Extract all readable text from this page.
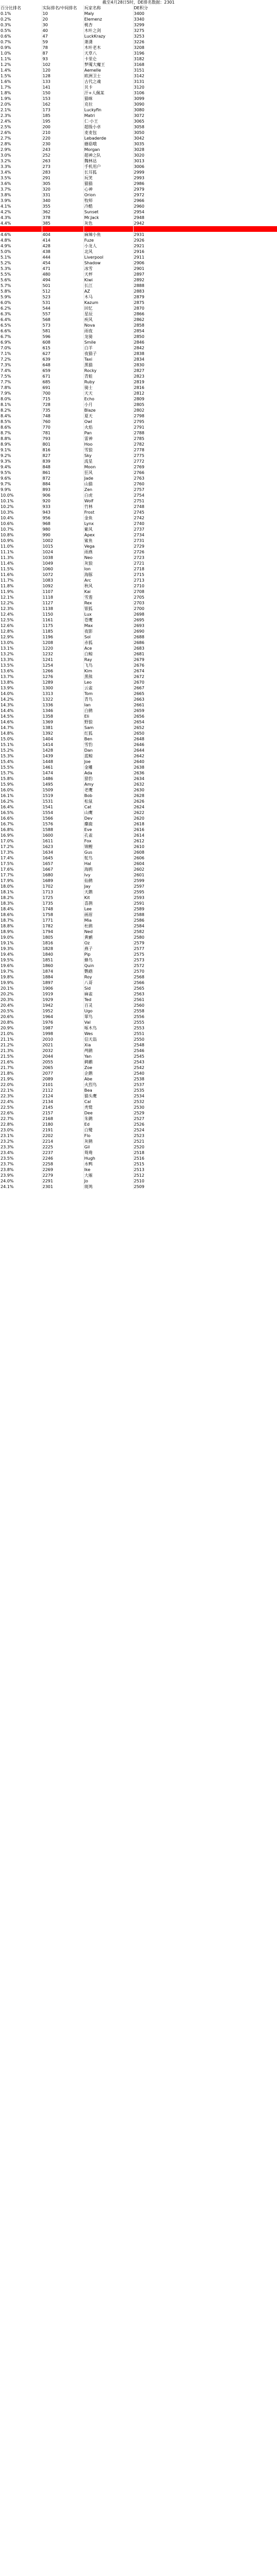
截至4月28日5时，DE排名数据：2301
百分比排名	实际排名/中间排名	玩家名称	DE积分
0.1%	10	Maly	3400
0.2%	20	Elemenz	3340
0.3%	30	桃杏	3299
0.5%	40	木叶之剑	3275
0.6%	47	LuckKrazy	3253
0.7%	59	萧潇	3226
0.9%	78	木叶老木	3208
1.0%	87	天草八	3196
1.1%	93	卡里仑	3182
1.2%	102	梦魇大魔王	3168
1.4%	120	Aemelle	3151
1.5%	128	欧洲卫士	3142
1.6%	133	古代之魂	3131
1.7%	141	贝卡	3120
1.8%	150	汗+人佩某	3106
1.9%	153	猫咪	3099
2.0%	162	克拉	3090
2.1%	173	Luckyfin	3080
2.3%	185	Matri	3072
2.4%	195	仁·小王	3065
2.5%	200	超级小卓	3058
2.6%	210	麦麦包	3050
2.7%	220	Lebaderde	3042
2.8%	230	蘑菇哦	3035
2.9%	243	Morgan	3028
3.0%	252	超神之队	3020
3.2%	263	魏林达	3013
3.3%	273	手机用户	3006
3.4%	283	长耳狐	2999
3.5%	291	玩笑	2993
3.6%	305	猫猫	2986
3.7%	320	心神	2979
3.8%	331	Orion	2972
3.9%	340	牧师	2966
4.1%	355	冷酷	2960
4.2%	362	Sunset	2954
4.3%	378	Mr.Jack	2948
4.4%	385	灰色	2942
4.5%	395	ERR	2937
4.6%	404	麻辣小鱼	2931
4.8%	414	Fuze	2926
4.9%	428	小龙人	2921
5.0%	438	北风	2916
5.1%	444	Liverpool	2911
5.2%	454	Shadow	2906
5.3%	471	冰雪	2901
5.5%	480	天枰	2897
5.6%	494	Kiwi	2892
5.7%	501	长江	2888
5.8%	512	AZ	2883
5.9%	523	木马	2879
6.0%	531	Kazum	2875
6.2%	544	回忆	2870
6.3%	557	星辰	2866
6.4%	568	疾风	2862
6.5%	573	Nova	2858
6.6%	581	雨夜	2854
6.7%	596	龙骑	2850
6.9%	608	Smile	2846
7.0%	615	白羊	2842
7.1%	627	夜猫子	2838
7.2%	639	Taxi	2834
7.3%	648	黑猫	2830
7.4%	659	Rocky	2827
7.5%	671	青蛙	2823
7.7%	685	Ruby	2819
7.8%	691	骑士	2816
7.9%	700	天天	2812
8.0%	715	Echo	2809
8.1%	728	小月	2805
8.2%	735	Blaze	2802
8.4%	748	夏天	2798
8.5%	760	Owl	2795
8.6%	770	火焰	2791
8.7%	781	Pan	2788
8.8%	793	雷神	2785
8.9%	801	Hoo	2782
9.1%	816	雪狼	2778
9.2%	827	Sky	2775
9.3%	839	流星	2772
9.4%	848	Moon	2769
9.5%	861	狂风	2766
9.6%	872	Jade	2763
9.7%	884	山猫	2760
9.9%	893	Zen	2757
10.0%	906	白虎	2754
10.1%	920	Wolf	2751
10.2%	933	竹林	2748
10.3%	943	Frost	2745
10.4%	956	金鱼	2742
10.6%	968	Lynx	2740
10.7%	980	紫风	2737
10.8%	990	Apex	2734
10.9%	1002	鲨鱼	2731
11.0%	1015	Vega	2729
11.1%	1024	雨燕	2726
11.3%	1038	Neo	2723
11.4%	1049	灰狼	2721
11.5%	1060	Ion	2718
11.6%	1072	海豚	2715
11.7%	1083	Arc	2713
11.8%	1092	秋风	2710
11.9%	1107	Kai	2708
12.1%	1118	雪莲	2705
12.2%	1127	Rex	2703
12.3%	1138	银狐	2700
12.4%	1150	Lux	2698
12.5%	1161	苍鹰	2695
12.6%	1175	Max	2693
12.8%	1185	夜影	2690
12.9%	1196	Sol	2688
13.0%	1208	赤狐	2686
13.1%	1220	Ace	2683
13.2%	1232	白鲸	2681
13.3%	1241	Ray	2679
13.5%	1254	飞鸟	2676
13.6%	1266	Kim	2674
13.7%	1276	黑熊	2672
13.8%	1289	Leo	2670
13.9%	1300	云雀	2667
14.0%	1313	Tom	2665
14.2%	1322	青鸟	2663
14.3%	1336	Ian	2661
14.4%	1346	白鹤	2659
14.5%	1358	Eli	2656
14.6%	1369	野狼	2654
14.7%	1381	Sam	2652
14.8%	1392	红狐	2650
15.0%	1404	Ben	2648
15.1%	1414	雪豹	2646
15.2%	1428	Dan	2644
15.3%	1439	蓝鲸	2642
15.4%	1448	Joe	2640
15.5%	1461	金雕	2638
15.7%	1474	Ada	2636
15.8%	1486	猎豹	2634
15.9%	1495	Amy	2632
16.0%	1509	老鹰	2630
16.1%	1519	Bob	2628
16.2%	1531	松鼠	2626
16.4%	1541	Cat	2624
16.5%	1554	山鹰	2622
16.6%	1566	Dev	2620
16.7%	1576	麋鹿	2618
16.8%	1588	Eve	2616
16.9%	1600	孔雀	2614
17.0%	1611	Fox	2612
17.2%	1623	锦鲤	2610
17.3%	1634	Gus	2608
17.4%	1645	鸵鸟	2606
17.5%	1657	Hal	2604
17.6%	1667	海鸥	2602
17.7%	1680	Ivy	2601
17.9%	1689	仙鹤	2599
18.0%	1702	Jay	2597
18.1%	1713	天鹅	2595
18.2%	1725	Kit	2593
18.3%	1735	喜鹊	2591
18.4%	1748	Lee	2589
18.6%	1758	画眉	2588
18.7%	1771	Mia	2586
18.8%	1782	杜鹃	2584
18.9%	1794	Ned	2582
19.0%	1805	黄鹂	2580
19.1%	1816	Oz	2579
19.3%	1828	燕子	2577
19.4%	1840	Pip	2575
19.5%	1851	蜂鸟	2573
19.6%	1860	Quin	2572
19.7%	1874	鹦鹉	2570
19.8%	1884	Roy	2568
19.9%	1897	八哥	2566
20.1%	1906	Sid	2565
20.2%	1919	麻雀	2563
20.3%	1929	Ted	2561
20.4%	1942	百灵	2560
20.5%	1952	Ugo	2558
20.6%	1964	翠鸟	2556
20.8%	1976	Val	2555
20.9%	1987	啄木鸟	2553
21.0%	1998	Wes	2551
21.1%	2010	信天翁	2550
21.2%	2021	Xia	2548
21.3%	2032	鸬鹚	2546
21.5%	2044	Yan	2545
21.6%	2055	鹈鹕	2543
21.7%	2065	Zoe	2542
21.8%	2077	企鹅	2540
21.9%	2089	Abe	2538
22.0%	2101	火烈鸟	2537
22.1%	2112	Bea	2535
22.3%	2124	猫头鹰	2534
22.4%	2134	Cal	2532
22.5%	2145	秃鹫	2530
22.6%	2157	Dee	2529
22.7%	2168	朱鹮	2527
22.8%	2180	Ed	2526
23.0%	2191	白鹭	2524
23.1%	2202	Flo	2523
23.2%	2214	灰鹤	2521
23.3%	2225	Gil	2520
23.4%	2237	鸳鸯	2518
23.5%	2246	Hugh	2516
23.7%	2258	水鸭	2515
23.8%	2269	Ike	2513
23.9%	2279	大雁	2512
24.0%	2291	Jo	2510
24.1%	2301	斑鸠	2509
